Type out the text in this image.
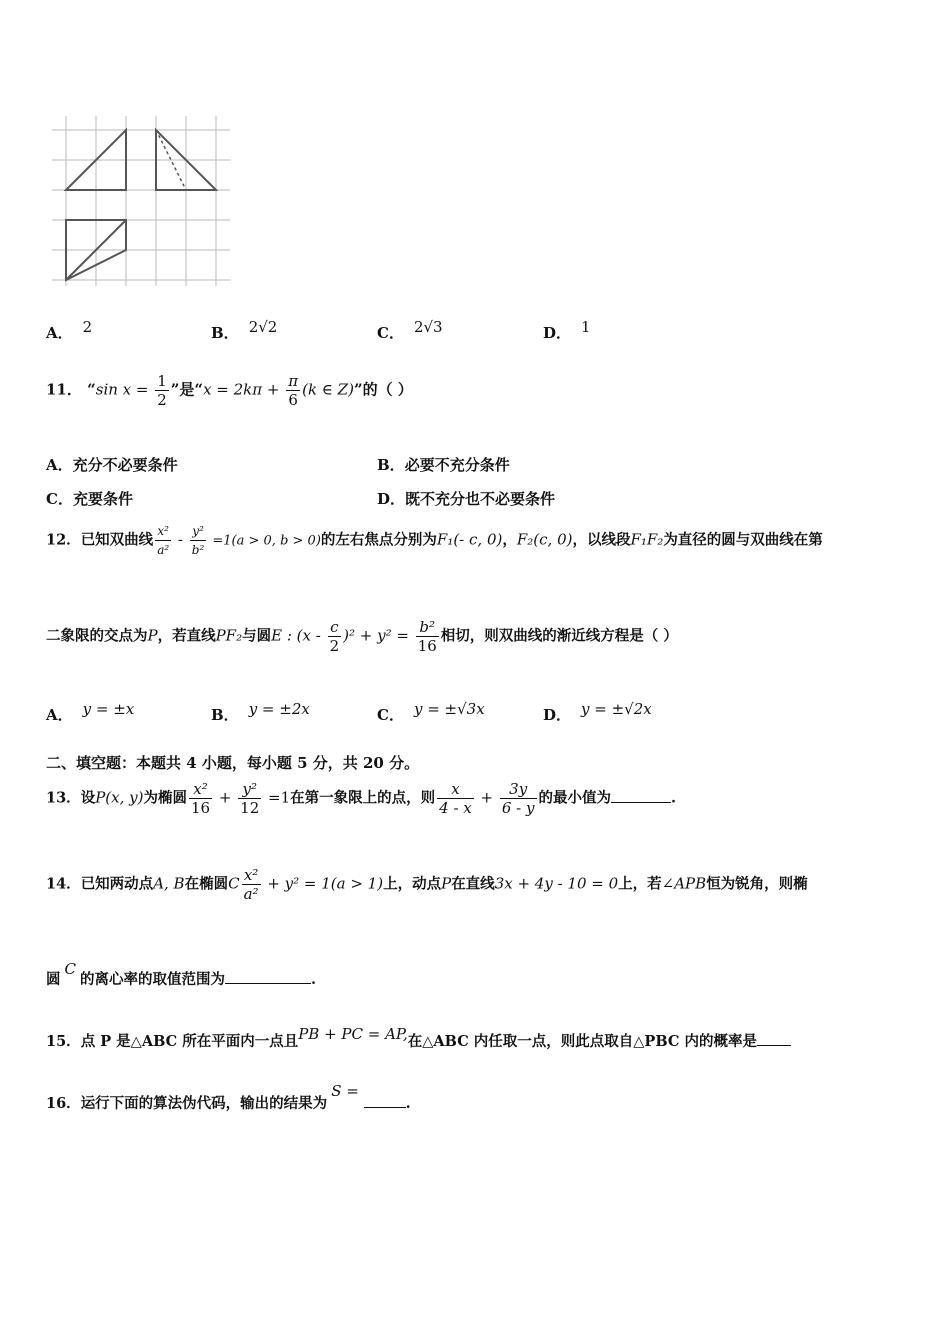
A． 2	B． 2√2	C． 2√3	D． 1
11． “sin $x = \frac{1}{2}$ ”是“$x = 2k\pi + \frac{\pi}{6} (k$ ∈ Z)”的（ ）
A．充分不必要条件	B．必要不充分条件
C．充要条件	D．既不充分也不必要条件
12．已知双曲线 $\frac{\text{x²}}{\text{a²}} - \frac{\text{y²}}{\text{b²}} =1(a > 0$, b > 0)的左右焦点分别为F₁(- c, 0)，F₂(c, 0)，以线段F₁F₂为直径的圆与双曲线在第
二象限的交点为P，若直线PF₂与圆E : $(x - \frac{c}{2} )^2 + y^2 = \frac{\text{b²}}{16}$ 相切，则双曲线的渐近线方程是（ ）
A． y = ±x	B． y = ±2x	C． y = ±√3x	D． y = ±√2x
二、填空题：本题共 4 小题，每小题 5 分，共 20 分。
13．设P(x, y)为椭圆 $\frac{\text{x²}}{16} + \frac{\text{y²}}{12} =1$在第一象限上的点，则 $\frac{x}{4 - x} + \frac{3y}{6 - y}$ 的最小值为	.
14．已知两动点A, B在椭圆C $\frac{\text{x²}}{\text{a²}} + y^2 = 1(a > 1)$上，动点P在直线3x + 4y - 10 = 0上，若∠APB恒为锐角，则椭
圆C的离心率的取值范围为	.
15．点 P 是△ABC 所在平面内一点且PB + PC = AP,在△ABC 内任取一点，则此点取自△PBC 内的概率是
16．运行下面的算法伪代码，输出的结果为S = .
